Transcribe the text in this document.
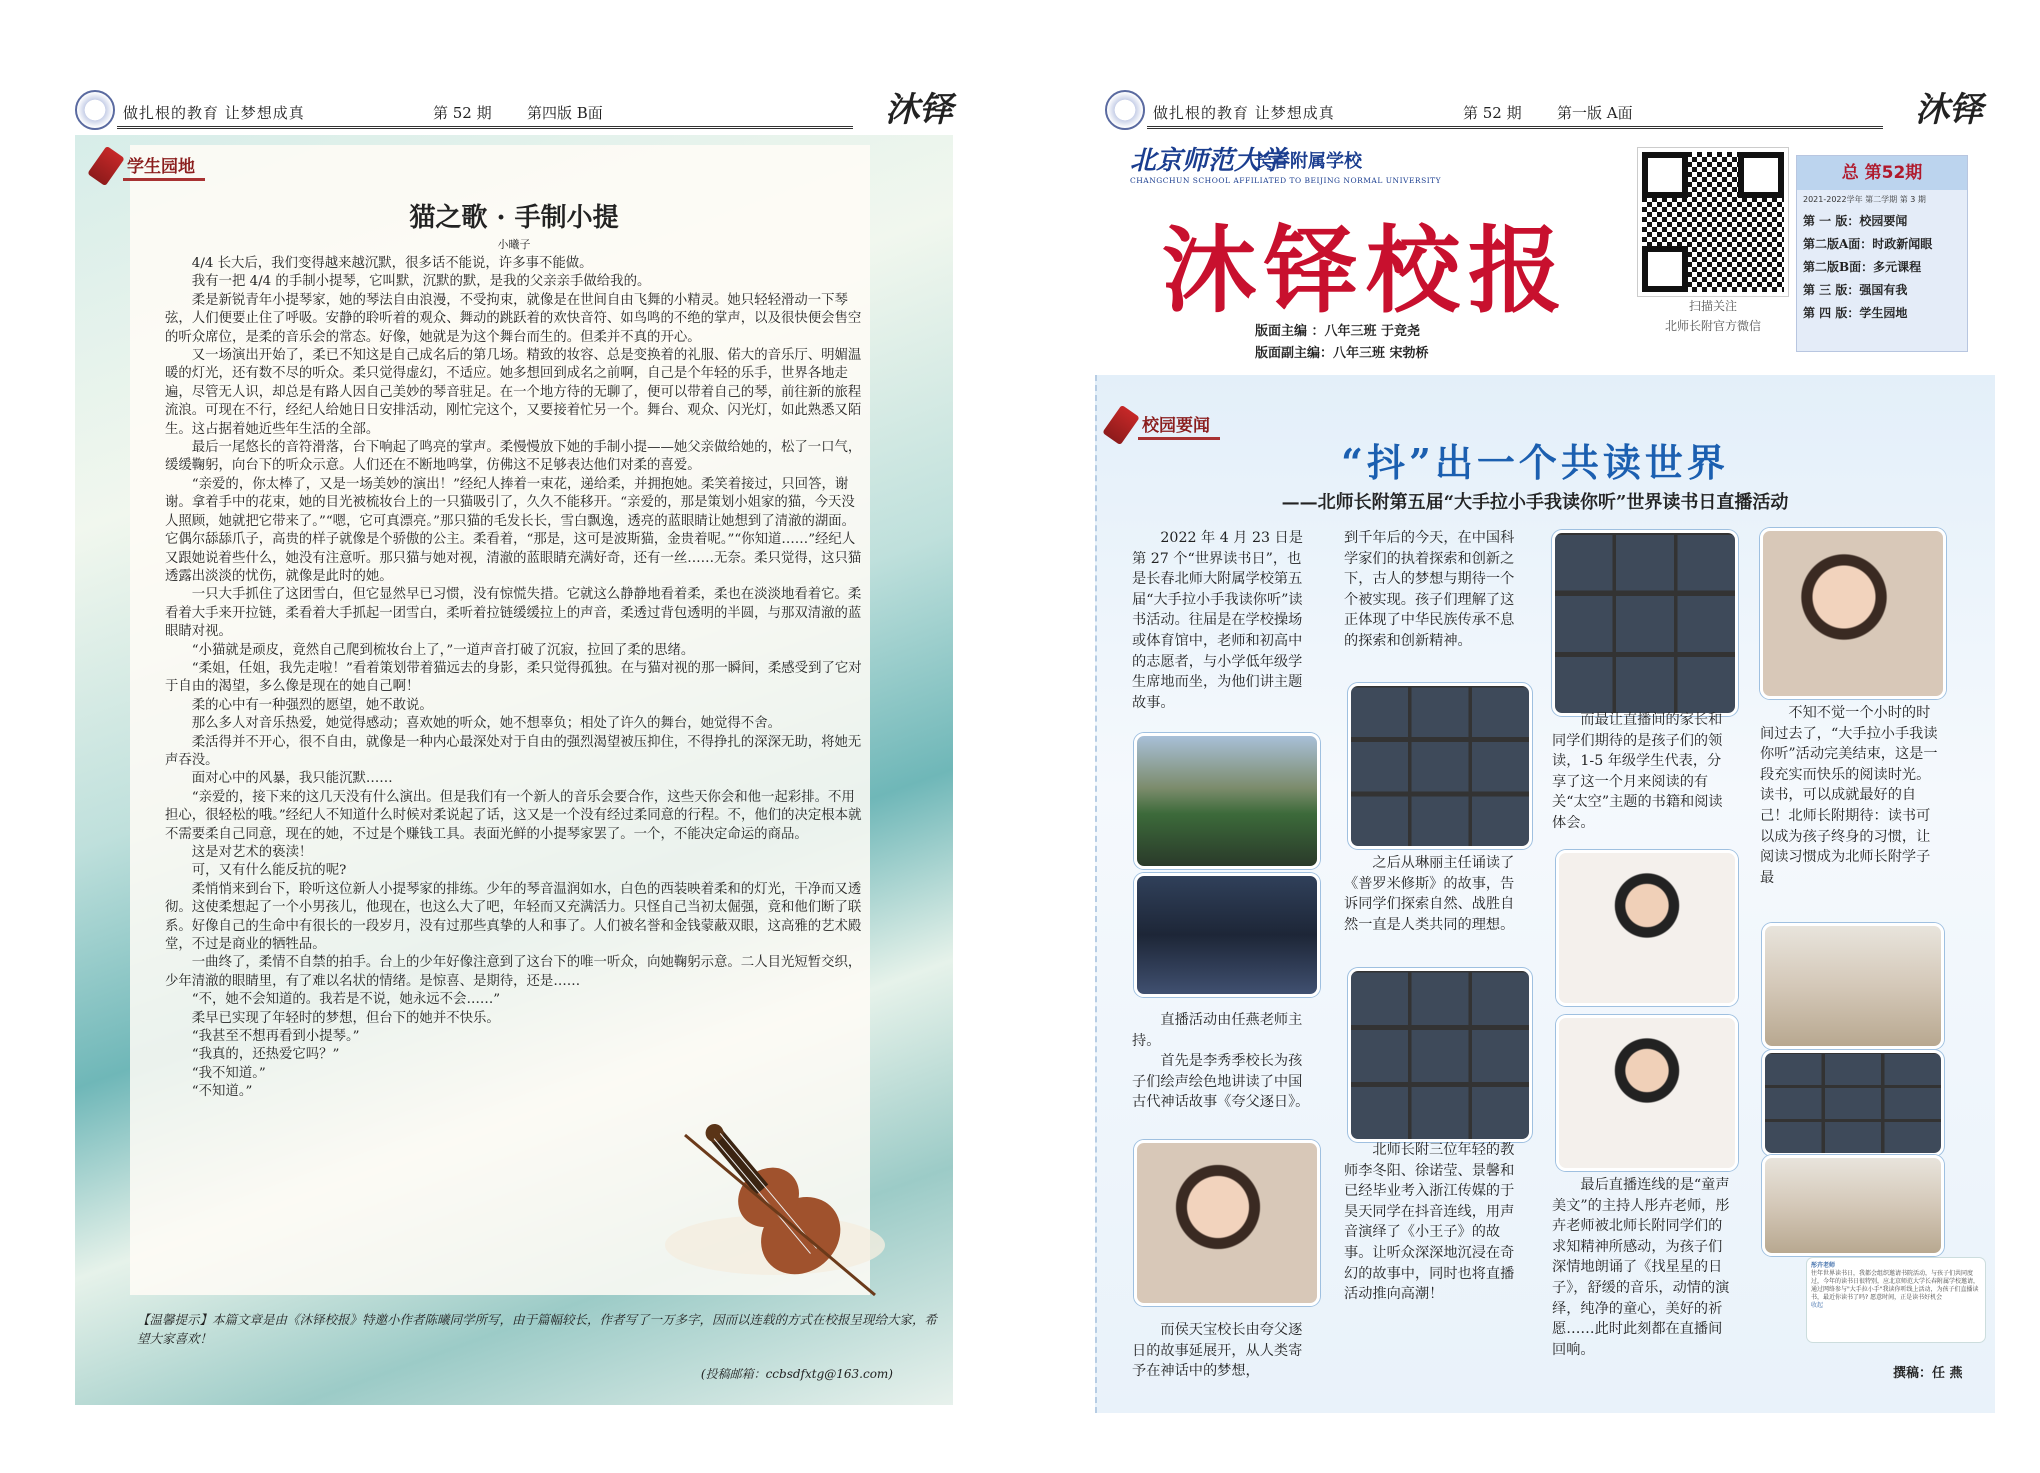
做扎根的教育 让梦想成真	第 52 期 第四版 B面	沐铎
学生园地
猫之歌 · 手制小提
小曦子

4/4 长大后，我们变得越来越沉默，很多话不能说，许多事不能做。

我有一把 4/4 的手制小提琴，它叫默，沉默的默，是我的父亲亲手做给我的。

柔是新锐青年小提琴家，她的琴法自由浪漫，不受拘束，就像是在世间自由飞舞的小精灵。她只轻轻滑动一下琴弦，人们便要止住了呼吸。安静的聆听着的观众、舞动的跳跃着的欢快音符、如鸟鸣的不绝的掌声，以及很快便会售空的听众席位，是柔的音乐会的常态。好像，她就是为这个舞台而生的。但柔并不真的开心。

又一场演出开始了，柔已不知这是自己成名后的第几场。精致的妆容、总是变换着的礼服、偌大的音乐厅、明媚温暖的灯光，还有数不尽的听众。柔只觉得虚幻，不适应。她多想回到成名之前啊，自己是个年轻的乐手，世界各地走遍，尽管无人识，却总是有路人因自己美妙的琴音驻足。在一个地方待的无聊了，便可以带着自己的琴，前往新的旅程流浪。可现在不行，经纪人给她日日安排活动，刚忙完这个，又要接着忙另一个。舞台、观众、闪光灯，如此熟悉又陌生。这占据着她近些年生活的全部。

最后一尾悠长的音符滑落，台下响起了鸣亮的掌声。柔慢慢放下她的手制小提——她父亲做给她的，松了一口气，缓缓鞠躬，向台下的听众示意。人们还在不断地鸣掌，仿佛这不足够表达他们对柔的喜爱。

“亲爱的，你太棒了，又是一场美妙的演出！”经纪人捧着一束花，递给柔，并拥抱她。柔笑着接过，只回答，谢谢。拿着手中的花束，她的目光被梳妆台上的一只猫吸引了，久久不能移开。“亲爱的，那是策划小姐家的猫，今天没人照顾，她就把它带来了。”“嗯，它可真漂亮。”那只猫的毛发长长，雪白飘逸，透亮的蓝眼睛让她想到了清澈的湖面。它偶尔舔舔爪子，高贵的样子就像是个骄傲的公主。柔看着，“那是，这可是波斯猫，金贵着呢。”“你知道……”经纪人又跟她说着些什么，她没有注意听。那只猫与她对视，清澈的蓝眼睛充满好奇，还有一丝……无奈。柔只觉得，这只猫透露出淡淡的忧伤，就像是此时的她。

一只大手抓住了这团雪白，但它显然早已习惯，没有惊慌失措。它就这么静静地看着柔，柔也在淡淡地看着它。柔看着大手来开拉链，柔看着大手抓起一团雪白，柔听着拉链缓缓拉上的声音，柔透过背包透明的半圆，与那双清澈的蓝眼睛对视。

“小猫就是顽皮，竟然自己爬到梳妆台上了，”一道声音打破了沉寂，拉回了柔的思绪。

“柔姐，任姐，我先走啦！”看着策划带着猫远去的身影，柔只觉得孤独。在与猫对视的那一瞬间，柔感受到了它对于自由的渴望，多么像是现在的她自己啊！

柔的心中有一种强烈的愿望，她不敢说。

那么多人对音乐热爱，她觉得感动；喜欢她的听众，她不想辜负；相处了许久的舞台，她觉得不舍。

柔活得并不开心，很不自由，就像是一种内心最深处对于自由的强烈渴望被压抑住，不得挣扎的深深无助，将她无声吞没。

面对心中的风暴，我只能沉默……

“亲爱的，接下来的这几天没有什么演出。但是我们有一个新人的音乐会要合作，这些天你会和他一起彩排。不用担心，很轻松的哦。”经纪人不知道什么时候对柔说起了话，这又是一个没有经过柔同意的行程。不，他们的决定根本就不需要柔自己同意，现在的她，不过是个赚钱工具。表面光鲜的小提琴家罢了。一个，不能决定命运的商品。

这是对艺术的亵渎！

可，又有什么能反抗的呢?

柔悄悄来到台下，聆听这位新人小提琴家的排练。少年的琴音温润如水，白色的西装映着柔和的灯光，干净而又透彻。这使柔想起了一个小男孩儿，他现在，也这么大了吧，年轻而又充满活力。只怪自己当初太倔强，竟和他们断了联系。好像自己的生命中有很长的一段岁月，没有过那些真挚的人和事了。人们被名誉和金钱蒙蔽双眼，这高雅的艺术殿堂，不过是商业的牺牲品。

一曲终了，柔情不自禁的拍手。台上的少年好像注意到了这台下的唯一听众，向她鞠躬示意。二人目光短暂交织，少年清澈的眼睛里，有了难以名状的情绪。是惊喜、是期待，还是……

“不，她不会知道的。我若是不说，她永远不会……”

柔早已实现了年轻时的梦想，但台下的她并不快乐。

“我甚至不想再看到小提琴。”

“我真的，还热爱它吗？”

“我不知道。”

“不知道。”

【温馨提示】本篇文章是由《沐铎校报》特邀小作者陈曦同学所写，由于篇幅较长，作者写了一万多字，因而以连载的方式在校报呈现给大家，希望大家喜欢！
(投稿邮箱：ccbsdfxtg@163.com)
做扎根的教育 让梦想成真	第 52 期 第一版 A面	沐铎
北京师范大学
长春附属学校
CHANGCHUN SCHOOL AFFILIATED TO BEIJING NORMAL UNIVERSITY
沐铎校报
版面主编 ：八年三班 于竞尧
版面副主编：八年三班 宋勃桥
扫描关注
北师长附官方微信
总 第52期
2021-2022学年 第二学期 第 3 期
第 一 版：校园要闻
第二版A面：时政新闻眼
第二版B面：多元课程
第 三 版：强国有我
第 四 版：学生园地
校园要闻
“抖”出一个共读世界
——北师长附第五届“大手拉小手我读你听”世界读书日直播活动

2022 年 4 月 23 日是第 27 个“世界读书日”，也是长春北师大附属学校第五届“大手拉小手我读你听”读书活动。往届是在学校操场或体育馆中，老师和初高中的志愿者，与小学低年级学生席地而坐，为他们讲主题故事。

直播活动由任燕老师主持。

首先是李秀季校长为孩子们绘声绘色地讲读了中国古代神话故事《夸父逐日》。

而侯天宝校长由夸父逐日的故事延展开，从人类寄予在神话中的梦想，

到千年后的今天，在中国科学家们的执着探索和创新之下，古人的梦想与期待一个个被实现。孩子们理解了这正体现了中华民族传承不息的探索和创新精神。

之后从琳丽主任诵读了《普罗米修斯》的故事，告诉同学们探索自然、战胜自然一直是人类共同的理想。

北师长附三位年轻的教师李冬阳、徐诺莹、景馨和已经毕业考入浙江传媒的于昊天同学在抖音连线，用声音演绎了《小王子》的故事。让听众深深地沉浸在奇幻的故事中，同时也将直播活动推向高潮！

而最让直播间的家长和同学们期待的是孩子们的领读，1-5 年级学生代表，分享了这一个月来阅读的有关“太空”主题的书籍和阅读体会。

最后直播连线的是“童声美文”的主持人彤卉老师，彤卉老师被北师长附同学们的求知精神所感动，为孩子们深情地朗诵了《找星星的日子》，舒缓的音乐，动情的演绎，纯净的童心，美好的祈愿……此时此刻都在直播间回响。

不知不觉一个小时的时间过去了，“大手拉小手我读你听”活动完美结束，这是一段充实而快乐的阅读时光。读书，可以成就最好的自己！北师长附期待：读书可以成为孩子终身的习惯，让阅读习惯成为北师长附学子最

彤卉老师
往年世界读书日，我都会组织邀请书院活动，与孩子们共同度过，今年的读书日很特别，应北京师范大学长春附属学校邀请，通过网络参与"大手拉小手"我读你听线上活动，为孩子们直播读书，最近你读书了吗? 愿意时间，正是读书好机会
收起
撰稿：任 燕
